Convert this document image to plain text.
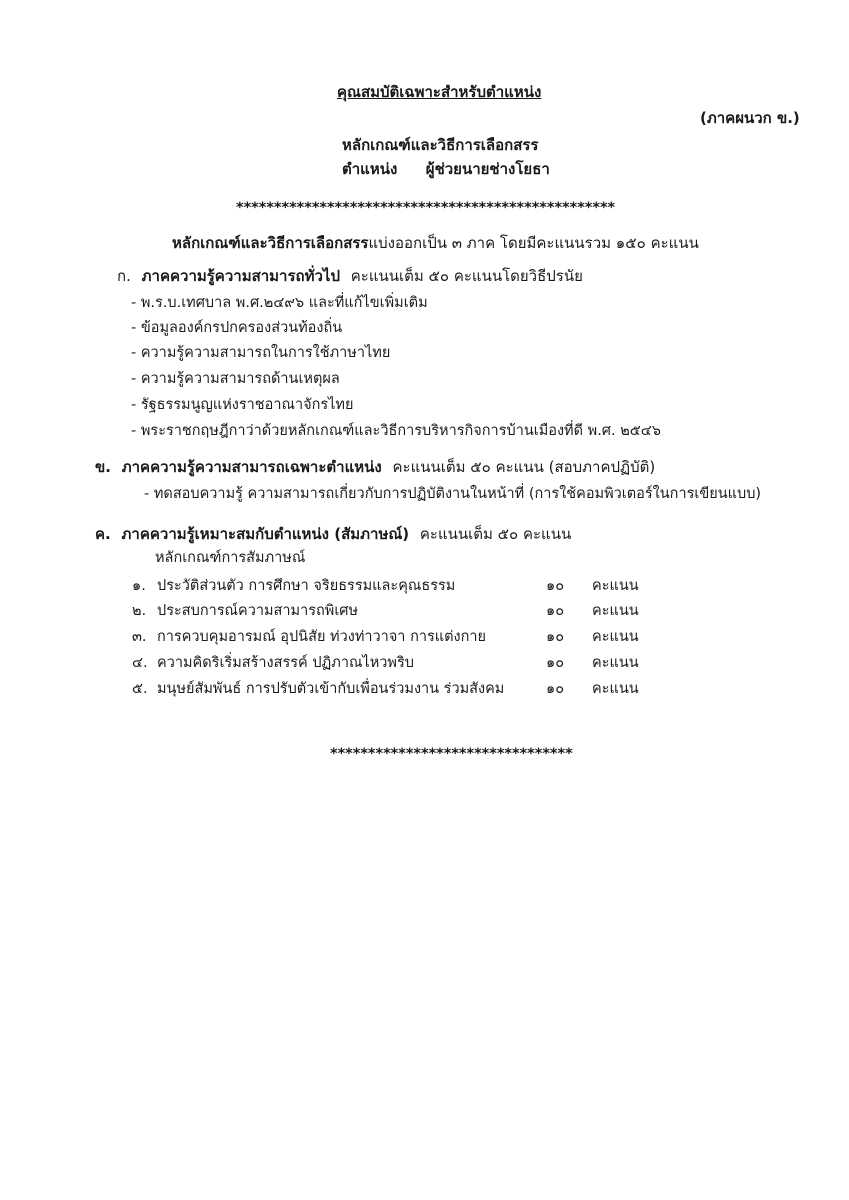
คุณสมบัติเฉพาะสำหรับตำแหน่ง
(ภาคผนวก ข.)
หลักเกณฑ์และวิธีการเลือกสรร
ตำแหน่ง ผู้ช่วยนายช่างโยธา
**************************************************
หลักเกณฑ์และวิธีการเลือกสรรแบ่งออกเป็น ๓ ภาค โดยมีคะแนนรวม ๑๕๐ คะแนน
ก. ภาคความรู้ความสามารถทั่วไป คะแนนเต็ม ๕๐ คะแนนโดยวิธีปรนัย
- พ.ร.บ.เทศบาล พ.ศ.๒๔๙๖ และที่แก้ไขเพิ่มเติม
- ข้อมูลองค์กรปกครองส่วนท้องถิ่น
- ความรู้ความสามารถในการใช้ภาษาไทย
- ความรู้ความสามารถด้านเหตุผล
- รัฐธรรมนูญแห่งราชอาณาจักรไทย
- พระราชกฤษฎีกาว่าด้วยหลักเกณฑ์และวิธีการบริหารกิจการบ้านเมืองที่ดี พ.ศ. ๒๕๔๖
ข. ภาคความรู้ความสามารถเฉพาะตำแหน่ง คะแนนเต็ม ๕๐ คะแนน (สอบภาคปฏิบัติ)
- ทดสอบความรู้ ความสามารถเกี่ยวกับการปฏิบัติงานในหน้าที่ (การใช้คอมพิวเตอร์ในการเขียนแบบ)
ค. ภาคความรู้เหมาะสมกับตำแหน่ง (สัมภาษณ์) คะแนนเต็ม ๕๐ คะแนน
หลักเกณฑ์การสัมภาษณ์
๑. ประวัติส่วนตัว การศึกษา จริยธรรมและคุณธรรม	๑๐ คะแนน
๒. ประสบการณ์ความสามารถพิเศษ	๑๐ คะแนน
๓. การควบคุมอารมณ์ อุปนิสัย ท่วงท่าวาจา การแต่งกาย	๑๐ คะแนน
๔. ความคิดริเริ่มสร้างสรรค์ ปฏิภาณไหวพริบ	๑๐ คะแนน
๕. มนุษย์สัมพันธ์ การปรับตัวเข้ากับเพื่อนร่วมงาน ร่วมสังคม	๑๐ คะแนน
********************************
